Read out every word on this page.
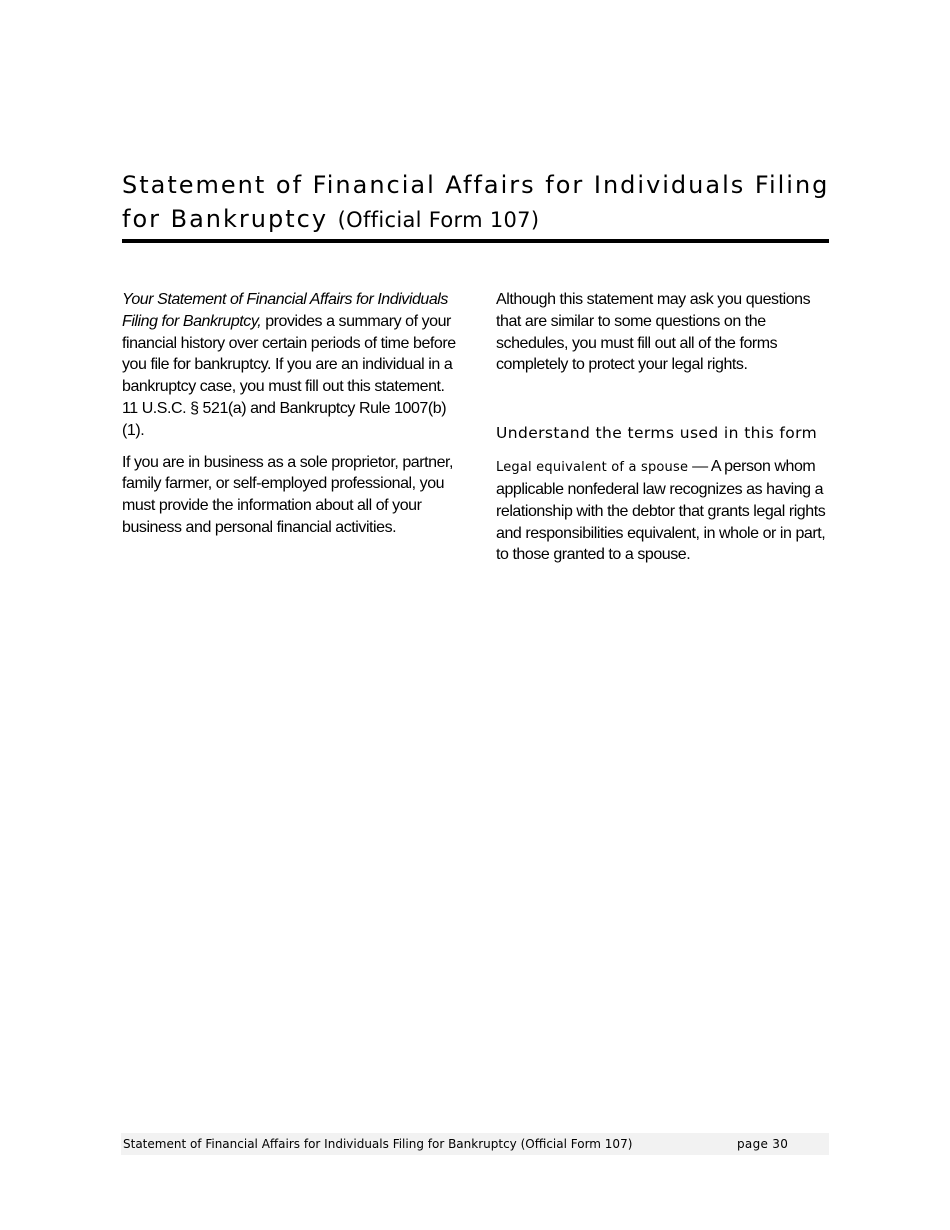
Statement of Financial Affairs for Individuals Filing for Bankruptcy (Official Form 107)

Your Statement of Financial Affairs for Individuals Filing for Bankruptcy, provides a summary of your financial history over certain periods of time before you file for bankruptcy. If you are an individual in a bankruptcy case, you must fill out this statement.

11 U.S.C. § 521(a) and Bankruptcy Rule 1007(b)(1).

If you are in business as a sole proprietor, partner, family farmer, or self-employed professional, you must provide the information about all of your business and personal financial activities.

Although this statement may ask you questions that are similar to some questions on the schedules, you must fill out all of the forms completely to protect your legal rights.

Understand the terms used in this form

Legal equivalent of a spouse — A person whom applicable nonfederal law recognizes as having a relationship with the debtor that grants legal rights and responsibilities equivalent, in whole or in part, to those granted to a spouse.

Statement of Financial Affairs for Individuals Filing for Bankruptcy (Official Form 107)	page 30
